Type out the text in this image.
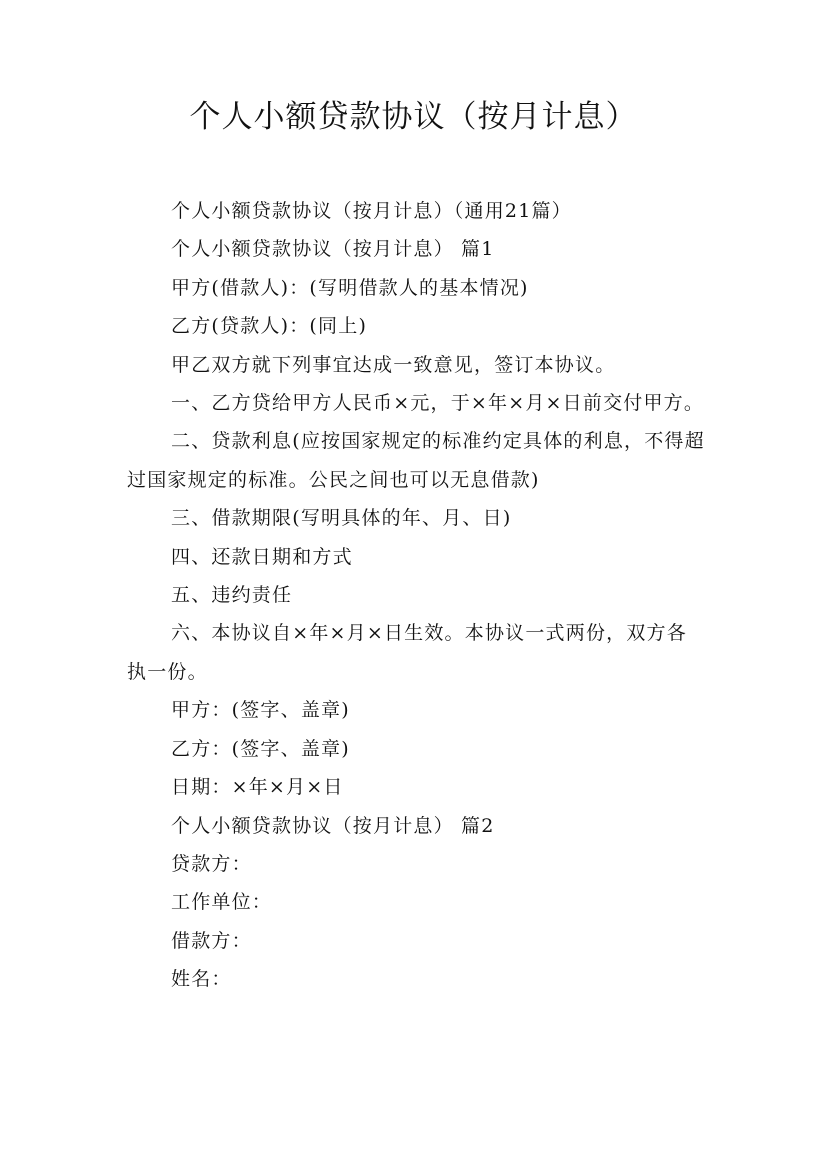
个人小额贷款协议（按月计息）

个人小额贷款协议（按月计息）（通用21篇）

个人小额贷款协议（按月计息） 篇1

甲方(借款人)：(写明借款人的基本情况)

乙方(贷款人)：(同上)

甲乙双方就下列事宜达成一致意见，签订本协议。

一、乙方贷给甲方人民币×元，于×年×月×日前交付甲方。

二、贷款利息(应按国家规定的标准约定具体的利息，不得超过国家规定的标准。公民之间也可以无息借款)

三、借款期限(写明具体的年、月、日)

四、还款日期和方式

五、违约责任

六、本协议自×年×月×日生效。本协议一式两份，双方各执一份。

甲方：(签字、盖章)

乙方：(签字、盖章)

日期：×年×月×日

个人小额贷款协议（按月计息） 篇2

贷款方：

工作单位：

借款方：

姓名：
